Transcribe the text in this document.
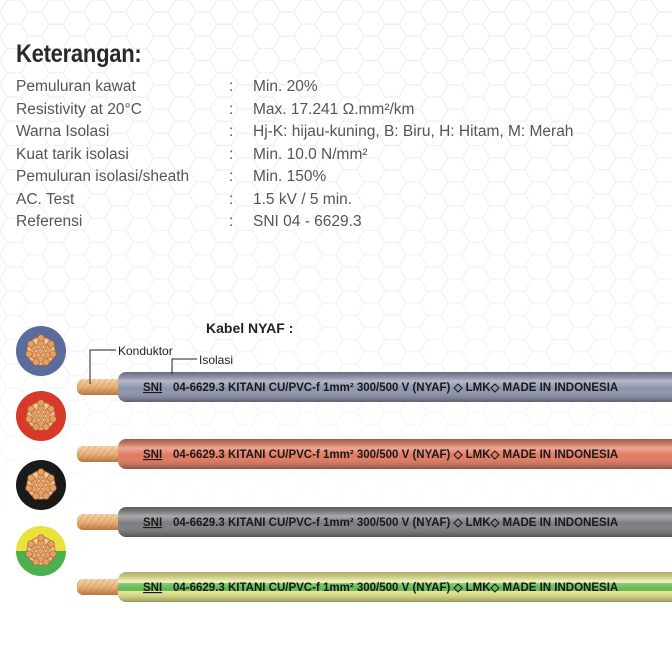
Keterangan:
Pemuluran kawat	: Min. 20%
Resistivity at 20°C	: Max. 17.241 Ω.mm²/km
Warna Isolasi	: Hj-K: hijau-kuning, B: Biru, H: Hitam, M: Merah
Kuat tarik isolasi	: Min. 10.0 N/mm²
Pemuluran isolasi/sheath	: Min. 150%
AC. Test	: 1.5 kV / 5 min.
Referensi	: SNI 04 - 6629.3
Kabel NYAF :
SNI 04-6629.3 KITANI CU/PVC-f 1mm² 300/500 V (NYAF) ◇ LMK◇ MADE IN INDONESIA
SNI 04-6629.3 KITANI CU/PVC-f 1mm² 300/500 V (NYAF) ◇ LMK◇ MADE IN INDONESIA
SNI 04-6629.3 KITANI CU/PVC-f 1mm² 300/500 V (NYAF) ◇ LMK◇ MADE IN INDONESIA
SNI 04-6629.3 KITANI CU/PVC-f 1mm² 300/500 V (NYAF) ◇ LMK◇ MADE IN INDONESIA
Konduktor
Isolasi
